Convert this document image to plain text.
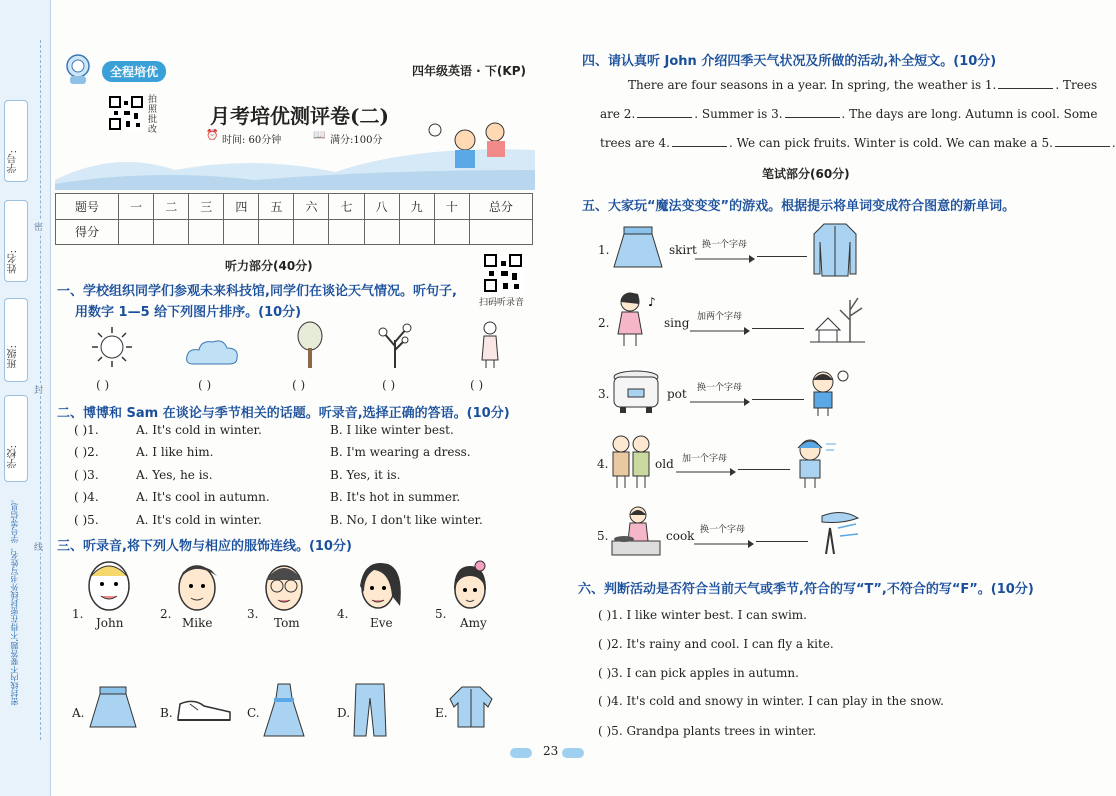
学号:
姓名:
班级:
学校:
密
封
线
密封线内不要答题,不得在密封线外书写姓名、学号等信息。
全程培优	四年级英语 · 下(KP)
拍照批改
月考培优测评卷(二)
⏰ 时间: 60分钟	📖 满分:100分
题号	一	二	三	四	五	六	七	八	九	十	总分
得分											
听力部分(40分)
扫码听录音
一、学校组织同学们参观未来科技馆,同学们在谈论天气情况。听句子,
用数字 1—5 给下列图片排序。(10分)
( )	( )	( )	( )	( )
二、博博和 Sam 在谈论与季节相关的话题。听录音,选择正确的答语。(10分)
( )1.	A. It's cold in winter.	B. I like winter best.
( )2.	A. I like him.	B. I'm wearing a dress.
( )3.	A. Yes, he is.	B. Yes, it is.
( )4.	A. It's cool in autumn.	B. It's hot in summer.
( )5.	A. It's cold in winter.	B. No, I don't like winter.
三、听录音,将下列人物与相应的服饰连线。(10分)
1.
John
2.
Mike
3.
Tom
4.
Eve
5.
Amy
A.	B.	C.	D.	E.
四、请认真听 John 介绍四季天气状况及所做的活动,补全短文。(10分)
There are four seasons in a year. In spring, the weather is 1.	. Trees
are 2.	. Summer is 3.	. The days are long. Autumn is cool. Some
trees are 4.	. We can pick fruits. Winter is cold. We can make a 5.	.
笔试部分(60分)
五、大家玩“魔法变变变”的游戏。根据提示将单词变成符合图意的新单词。
1.	skirt 换一个字母
2.
♪
sing 加两个字母
3.	pot 换一个字母
4.	old 加一个字母
5.	cook 换一个字母
六、判断活动是否符合当前天气或季节,符合的写“T”,不符合的写“F”。(10分)
( )1. I like winter best. I can swim.
( )2. It's rainy and cool. I can fly a kite.
( )3. I can pick apples in autumn.
( )4. It's cold and snowy in winter. I can play in the snow.
( )5. Grandpa plants trees in winter.
23
